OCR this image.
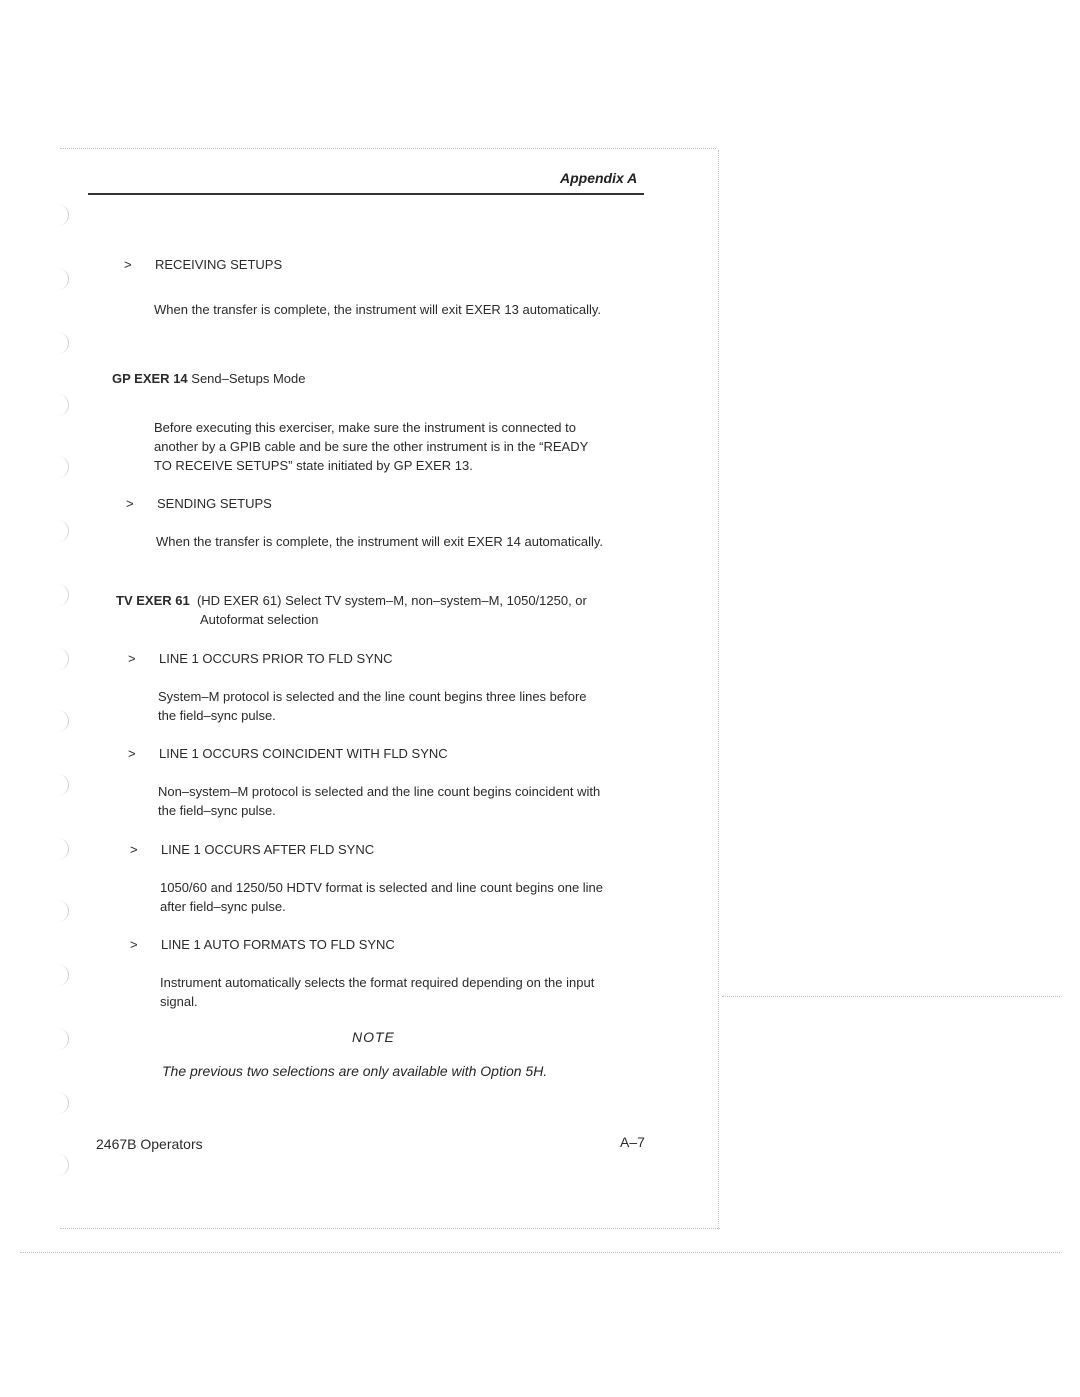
Appendix A
> RECEIVING SETUPS
When the transfer is complete, the instrument will exit EXER 13 automatically.
GP EXER 14 Send–Setups Mode
Before executing this exerciser, make sure the instrument is connected to
another by a GPIB cable and be sure the other instrument is in the “READY
TO RECEIVE SETUPS” state initiated by GP EXER 13.
> SENDING SETUPS
When the transfer is complete, the instrument will exit EXER 14 automatically.
TV EXER 61 (HD EXER 61) Select TV system–M, non–system–M, 1050/1250, or
Autoformat selection
> LINE 1 OCCURS PRIOR TO FLD SYNC
System–M protocol is selected and the line count begins three lines before
the field–sync pulse.
> LINE 1 OCCURS COINCIDENT WITH FLD SYNC
Non–system–M protocol is selected and the line count begins coincident with
the field–sync pulse.
> LINE 1 OCCURS AFTER FLD SYNC
1050/60 and 1250/50 HDTV format is selected and line count begins one line
after field–sync pulse.
> LINE 1 AUTO FORMATS TO FLD SYNC
Instrument automatically selects the format required depending on the input
signal.
NOTE
The previous two selections are only available with Option 5H.
2467B Operators	A–7
